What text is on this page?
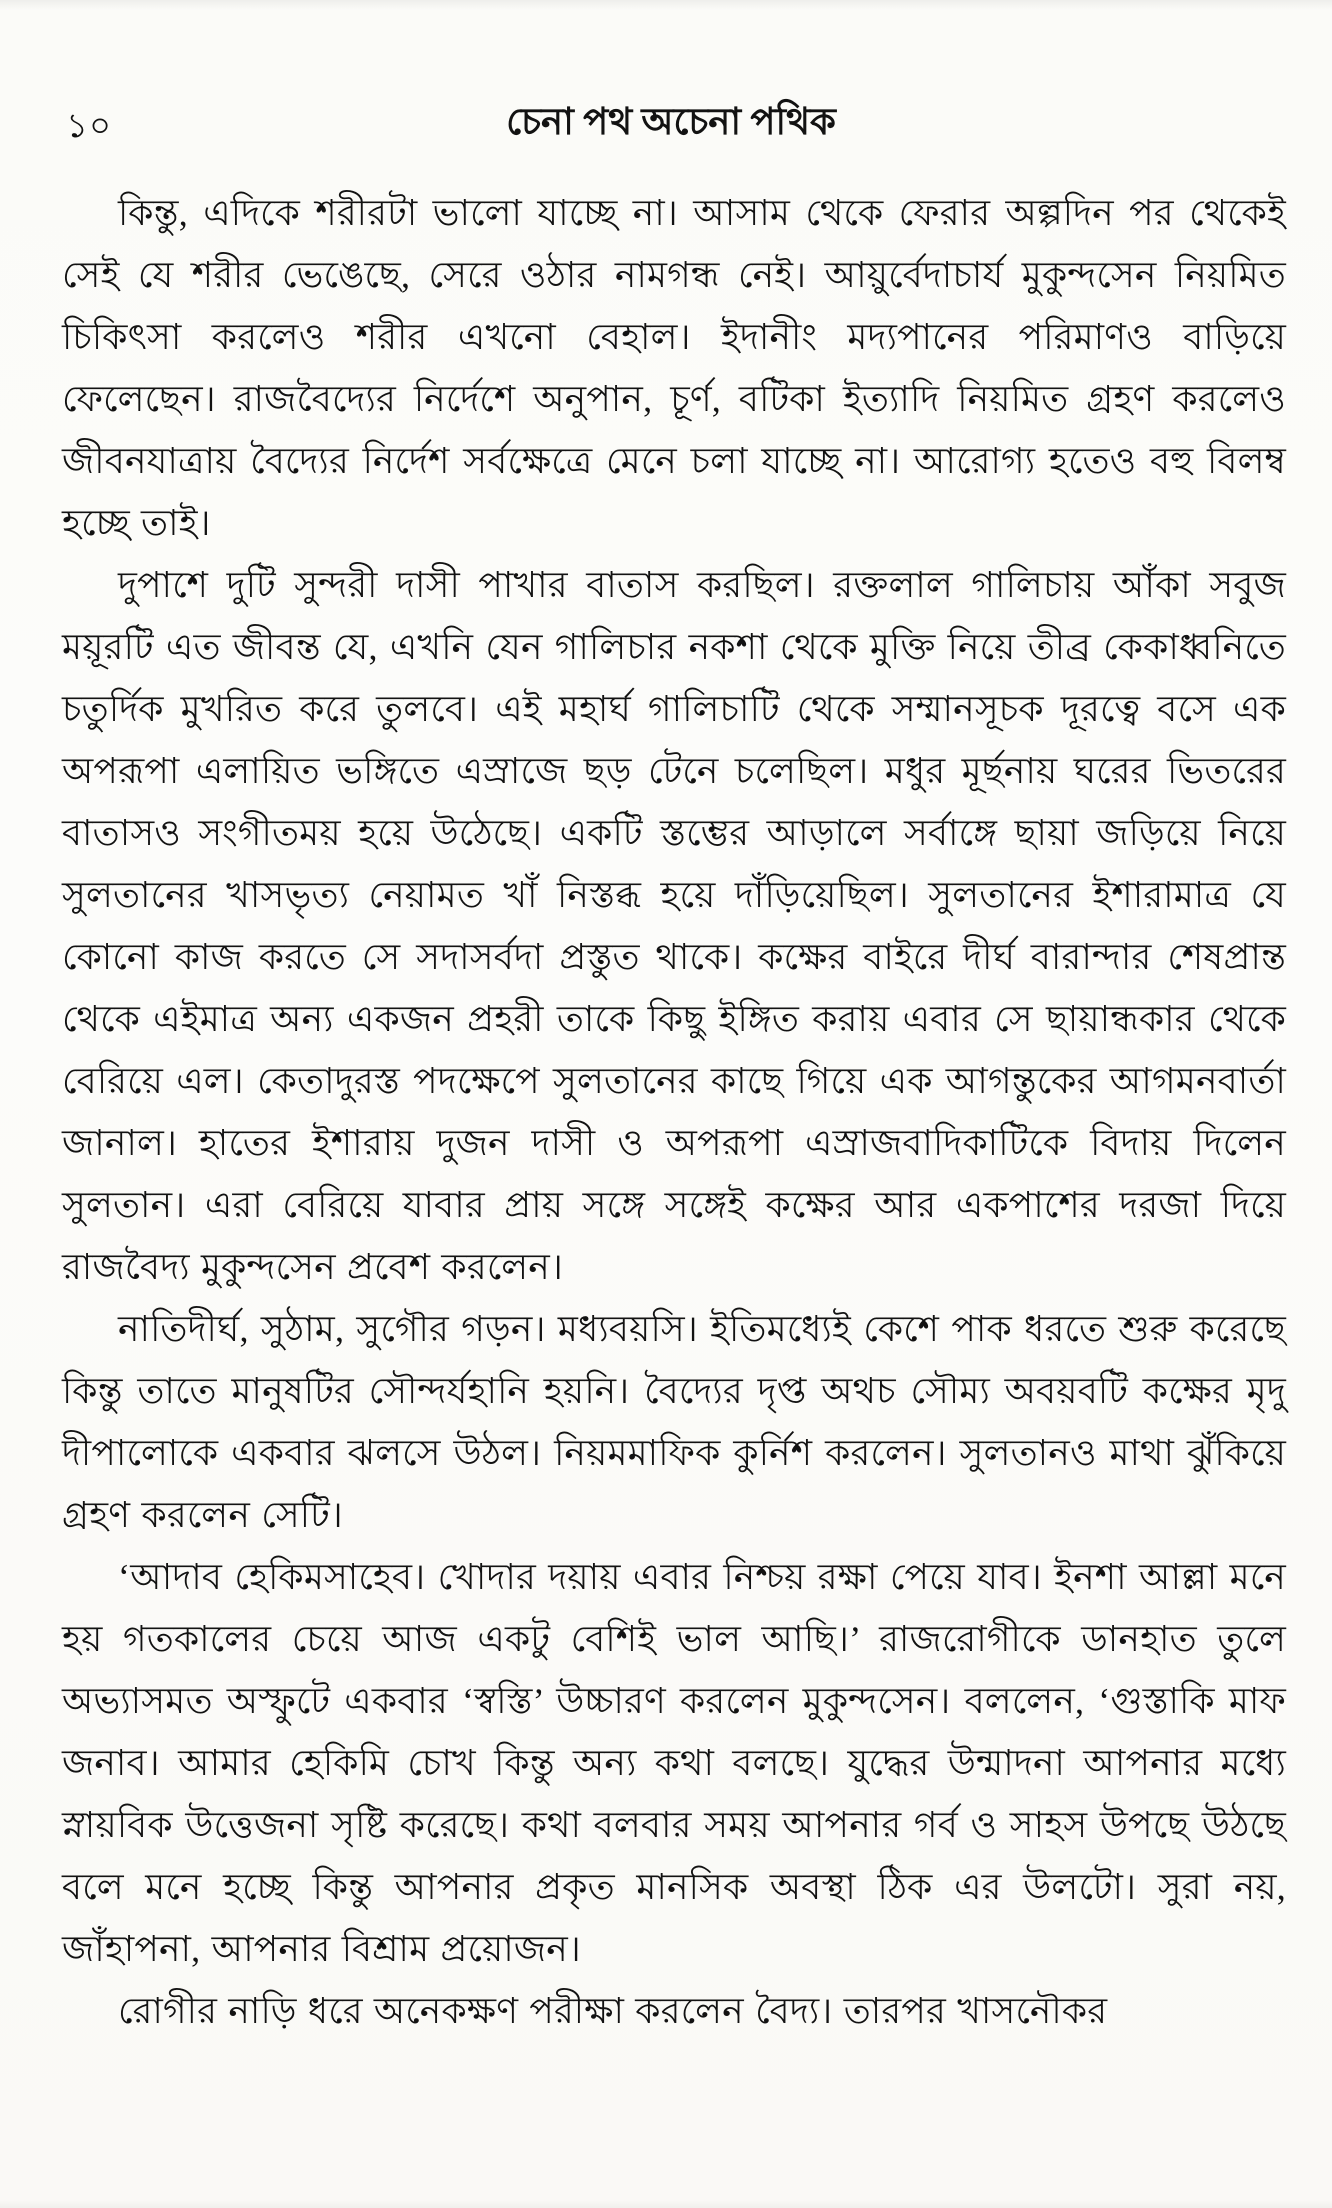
১০	চেনা পথ অচেনা পথিক

কিন্তু, এদিকে শরীরটা ভালো যাচ্ছে না। আসাম থেকে ফেরার অল্পদিন পর থেকেই সেই যে শরীর ভেঙেছে, সেরে ওঠার নামগন্ধ নেই। আয়ুর্বেদাচার্য মুকুন্দসেন নিয়মিত চিকিৎসা করলেও শরীর এখনো বেহাল। ইদানীং মদ্যপানের পরিমাণও বাড়িয়ে ফেলেছেন। রাজবৈদ্যের নির্দেশে অনুপান, চূর্ণ, বটিকা ইত্যাদি নিয়মিত গ্রহণ করলেও জীবনযাত্রায় বৈদ্যের নির্দেশ সর্বক্ষেত্রে মেনে চলা যাচ্ছে না। আরোগ্য হতেও বহু বিলম্ব হচ্ছে তাই।

দুপাশে দুটি সুন্দরী দাসী পাখার বাতাস করছিল। রক্তলাল গালিচায় আঁকা সবুজ ময়ূরটি এত জীবন্ত যে, এখনি যেন গালিচার নকশা থেকে মুক্তি নিয়ে তীব্র কেকাধ্বনিতে চতুর্দিক মুখরিত করে তুলবে। এই মহার্ঘ গালিচাটি থেকে সম্মানসূচক দূরত্বে বসে এক অপরূপা এলায়িত ভঙ্গিতে এস্রাজে ছড় টেনে চলেছিল। মধুর মূর্ছনায় ঘরের ভিতরের বাতাসও সংগীতময় হয়ে উঠেছে। একটি স্তম্ভের আড়ালে সর্বাঙ্গে ছায়া জড়িয়ে নিয়ে সুলতানের খাসভৃত্য নেয়ামত খাঁ নিস্তব্ধ হয়ে দাঁড়িয়েছিল। সুলতানের ইশারামাত্র যে কোনো কাজ করতে সে সদাসর্বদা প্রস্তুত থাকে। কক্ষের বাইরে দীর্ঘ বারান্দার শেষপ্রান্ত থেকে এইমাত্র অন্য একজন প্রহরী তাকে কিছু ইঙ্গিত করায় এবার সে ছায়ান্ধকার থেকে বেরিয়ে এল। কেতাদুরস্ত পদক্ষেপে সুলতানের কাছে গিয়ে এক আগন্তুকের আগমনবার্তা জানাল। হাতের ইশারায় দুজন দাসী ও অপরূপা এস্রাজবাদিকাটিকে বিদায় দিলেন সুলতান। এরা বেরিয়ে যাবার প্রায় সঙ্গে সঙ্গেই কক্ষের আর একপাশের দরজা দিয়ে রাজবৈদ্য মুকুন্দসেন প্রবেশ করলেন।

নাতিদীর্ঘ, সুঠাম, সুগৌর গড়ন। মধ্যবয়সি। ইতিমধ্যেই কেশে পাক ধরতে শুরু করেছে কিন্তু তাতে মানুষটির সৌন্দর্যহানি হয়নি। বৈদ্যের দৃপ্ত অথচ সৌম্য অবয়বটি কক্ষের মৃদু দীপালোকে একবার ঝলসে উঠল। নিয়মমাফিক কুর্নিশ করলেন। সুলতানও মাথা ঝুঁকিয়ে গ্রহণ করলেন সেটি।

‘আদাব হেকিমসাহেব। খোদার দয়ায় এবার নিশ্চয় রক্ষা পেয়ে যাব। ইনশা আল্লা মনে হয় গতকালের চেয়ে আজ একটু বেশিই ভাল আছি।’ রাজরোগীকে ডানহাত তুলে অভ্যাসমত অস্ফুটে একবার ‘স্বস্তি’ উচ্চারণ করলেন মুকুন্দসেন। বললেন, ‘গুস্তাকি মাফ জনাব। আমার হেকিমি চোখ কিন্তু অন্য কথা বলছে। যুদ্ধের উন্মাদনা আপনার মধ্যে স্নায়বিক উত্তেজনা সৃষ্টি করেছে। কথা বলবার সময় আপনার গর্ব ও সাহস উপছে উঠছে বলে মনে হচ্ছে কিন্তু আপনার প্রকৃত মানসিক অবস্থা ঠিক এর উলটো। সুরা নয়, জাঁহাপনা, আপনার বিশ্রাম প্রয়োজন।

রোগীর নাড়ি ধরে অনেকক্ষণ পরীক্ষা করলেন বৈদ্য। তারপর খাসনৌকর
